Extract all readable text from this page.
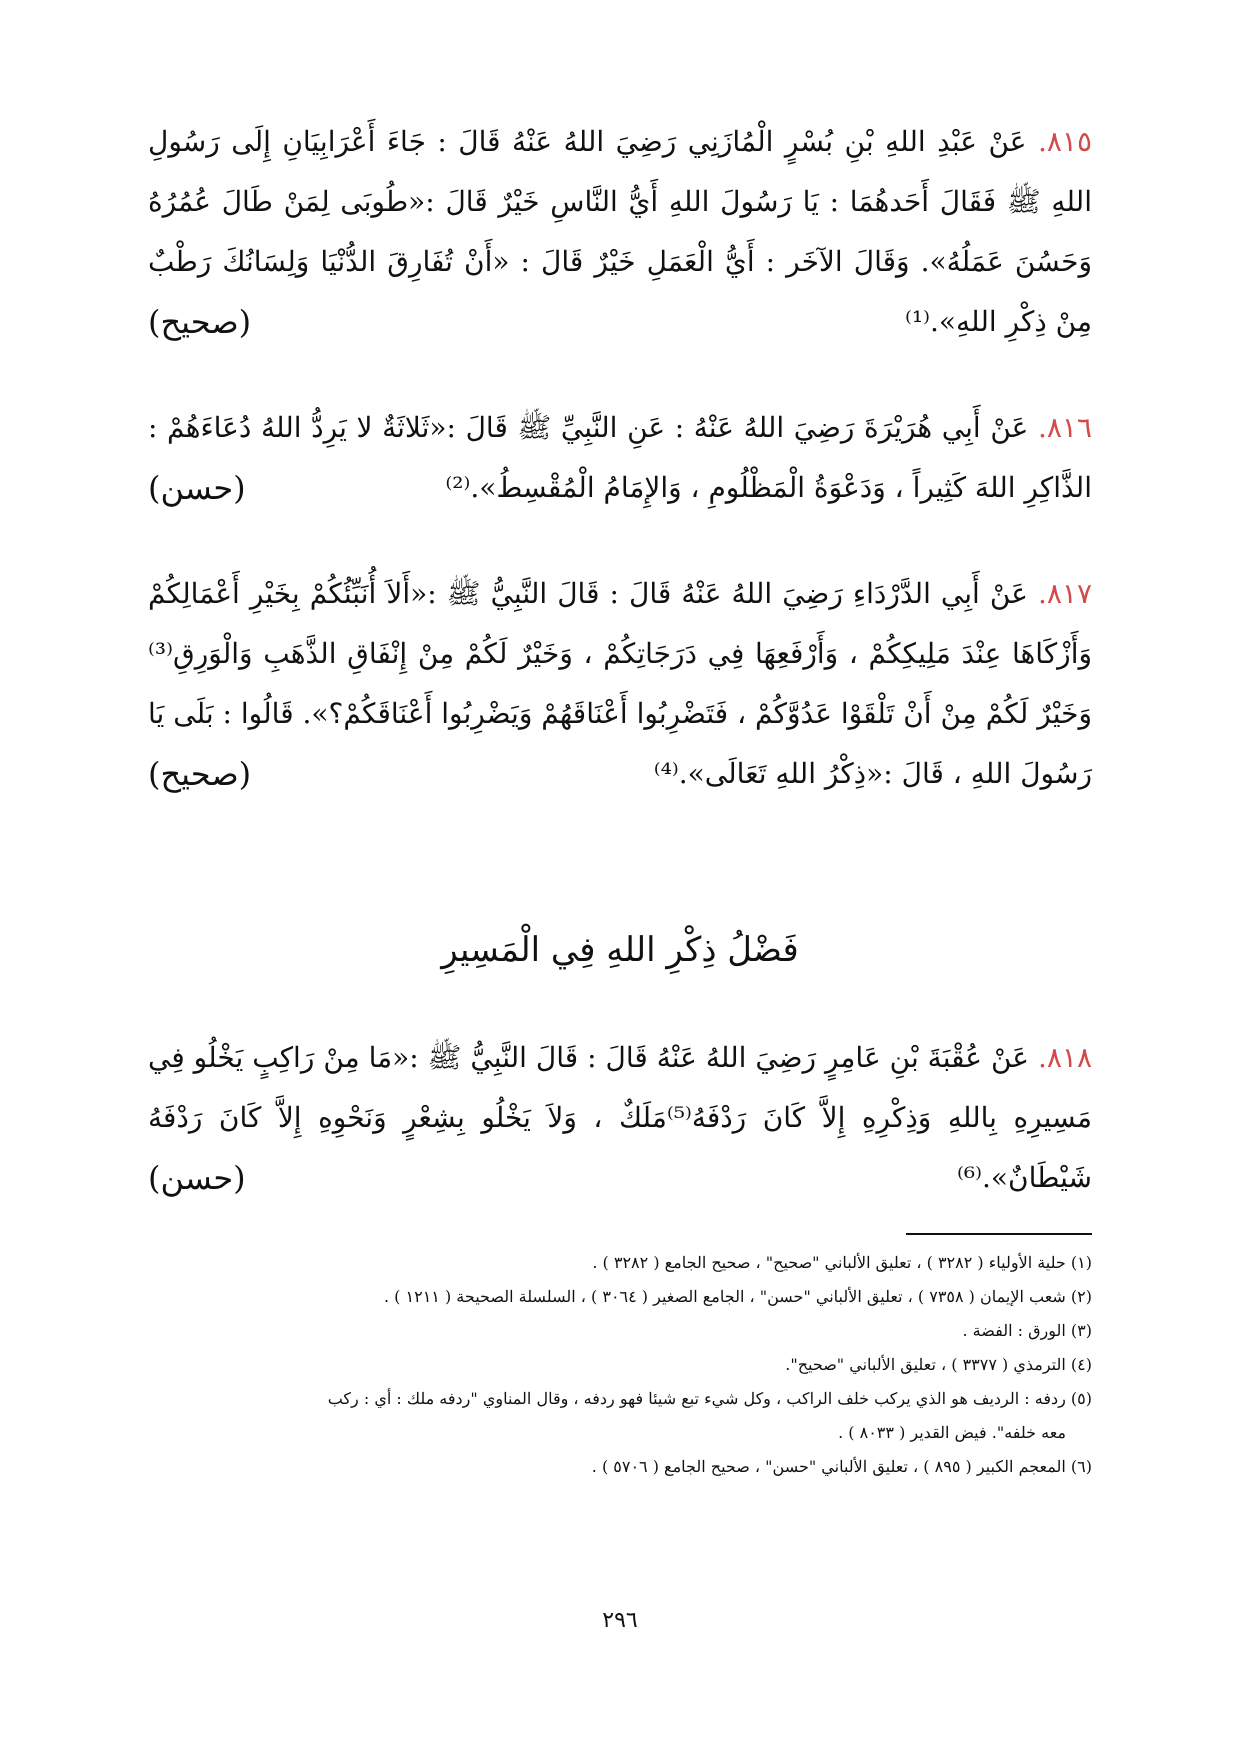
٨١٥. عَنْ عَبْدِ اللهِ بْنِ بُسْرٍ الْمُازَنِي رَضِيَ اللهُ عَنْهُ قَالَ : جَاءَ أَعْرَابِيَانِ إِلَى رَسُولِ اللهِ ﷺ فَقَالَ أَحَدهُمَا : يَا رَسُولَ اللهِ أَيُّ النَّاسِ خَيْرٌ قَالَ :«طُوبَى لِمَنْ طَالَ عُمُرُهُ وَحَسُنَ عَمَلُهُ». وَقَالَ الآخَر : أَيُّ الْعَمَلِ خَيْرٌ قَالَ : «أَنْ تُفَارِقَ الدُّنْيَا وَلِسَانُكَ رَطْبٌ مِنْ ذِكْرِ اللهِ».⁽¹⁾
(صحيح)
٨١٦. عَنْ أَبِي هُرَيْرَةَ رَضِيَ اللهُ عَنْهُ : عَنِ النَّبِيِّ ﷺ قَالَ :«ثَلاثَةٌ لا يَرِدُّ اللهُ دُعَاءَهُمْ : الذَّاكِرِ اللهَ كَثِيراً ، وَدَعْوَةُ الْمَظْلُومِ ، وَالإِمَامُ الْمُقْسِطُ».⁽²⁾
(حسن)
٨١٧. عَنْ أَبِي الدَّرْدَاءِ رَضِيَ اللهُ عَنْهُ قَالَ : قَالَ النَّبِيُّ ﷺ :«أَلاَ أُنَبِّئُكُمْ بِخَيْرِ أَعْمَالِكُمْ وَأَزْكَاهَا عِنْدَ مَلِيكِكُمْ ، وَأَرْفَعِهَا فِي دَرَجَاتِكُمْ ، وَخَيْرٌ لَكُمْ مِنْ إِنْفَاقِ الذَّهَبِ وَالْوَرِقِ⁽³⁾وَخَيْرٌ لَكُمْ مِنْ أَنْ تَلْقَوْا عَدُوَّكُمْ ، فَتَضْرِبُوا أَعْنَاقَهُمْ وَيَضْرِبُوا أَعْنَاقَكُمْ؟». قَالُوا : بَلَى يَا رَسُولَ اللهِ ، قَالَ :«ذِكْرُ اللهِ تَعَالَى».⁽⁴⁾
(صحيح)
فَضْلُ ذِكْرِ اللهِ فِي الْمَسِيرِ
٨١٨. عَنْ عُقْبَةَ بْنِ عَامِرٍ رَضِيَ اللهُ عَنْهُ قَالَ : قَالَ النَّبِيُّ ﷺ :«مَا مِنْ رَاكِبٍ يَخْلُو فِي مَسِيرِهِ بِاللهِ وَذِكْرِهِ إِلاَّ كَانَ رَدْفَهُ⁽⁵⁾مَلَكٌ ، وَلاَ يَخْلُو بِشِعْرٍ وَنَحْوِهِ إِلاَّ كَانَ رَدْفَهُ شَيْطَانٌ».⁽⁶⁾
(حسن)

(١) حلية الأولياء ( ٣٢٨٢ ) ، تعليق الألباني "صحيح" ، صحيح الجامع ( ٣٢٨٢ ) .

(٢) شعب الإيمان ( ٧٣٥٨ ) ، تعليق الألباني "حسن" ، الجامع الصغير ( ٣٠٦٤ ) ، السلسلة الصحيحة ( ١٢١١ ) .

(٣) الورق : الفضة .

(٤) الترمذي ( ٣٣٧٧ ) ، تعليق الألباني "صحيح".

(٥) ردفه : الرديف هو الذي يركب خلف الراكب ، وكل شيء تبع شيئا فهو ردفه ، وقال المناوي "ردفه ملك : أي : ركب
معه خلفه". فيض القدير ( ٨٠٣٣ ) .

(٦) المعجم الكبير ( ٨٩٥ ) ، تعليق الألباني "حسن" ، صحيح الجامع ( ٥٧٠٦ ) .

٢٩٦
